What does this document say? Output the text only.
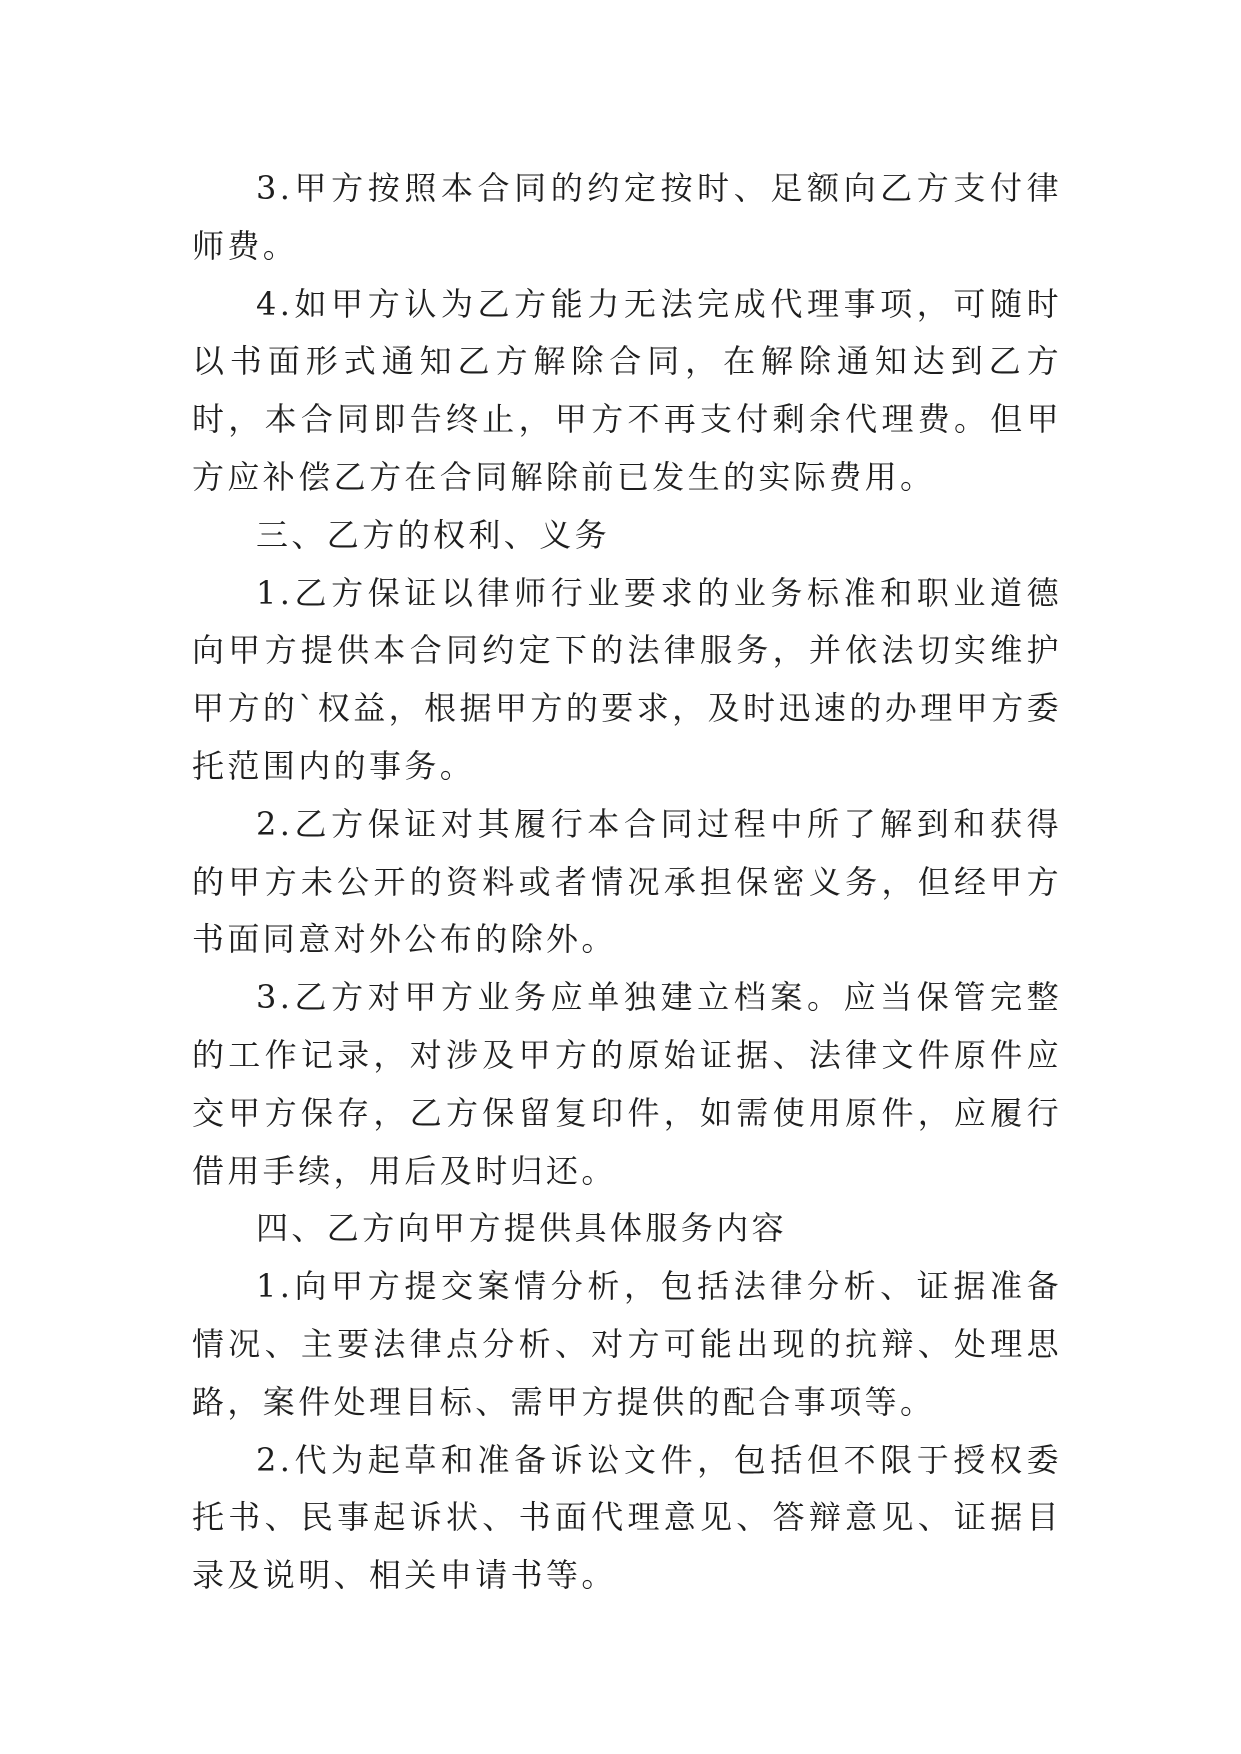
3.甲方按照本合同的约定按时、足额向乙方支付律师费。

4.如甲方认为乙方能力无法完成代理事项，可随时以书面形式通知乙方解除合同，在解除通知达到乙方时，本合同即告终止，甲方不再支付剩余代理费。但甲方应补偿乙方在合同解除前已发生的实际费用。

三、乙方的权利、义务

1.乙方保证以律师行业要求的业务标准和职业道德向甲方提供本合同约定下的法律服务，并依法切实维护甲方的`权益，根据甲方的要求，及时迅速的办理甲方委托范围内的事务。

2.乙方保证对其履行本合同过程中所了解到和获得的甲方未公开的资料或者情况承担保密义务，但经甲方书面同意对外公布的除外。

3.乙方对甲方业务应单独建立档案。应当保管完整的工作记录，对涉及甲方的原始证据、法律文件原件应交甲方保存，乙方保留复印件，如需使用原件，应履行借用手续，用后及时归还。

四、乙方向甲方提供具体服务内容

1.向甲方提交案情分析，包括法律分析、证据准备情况、主要法律点分析、对方可能出现的抗辩、处理思路，案件处理目标、需甲方提供的配合事项等。

2.代为起草和准备诉讼文件，包括但不限于授权委托书、民事起诉状、书面代理意见、答辩意见、证据目录及说明、相关申请书等。
